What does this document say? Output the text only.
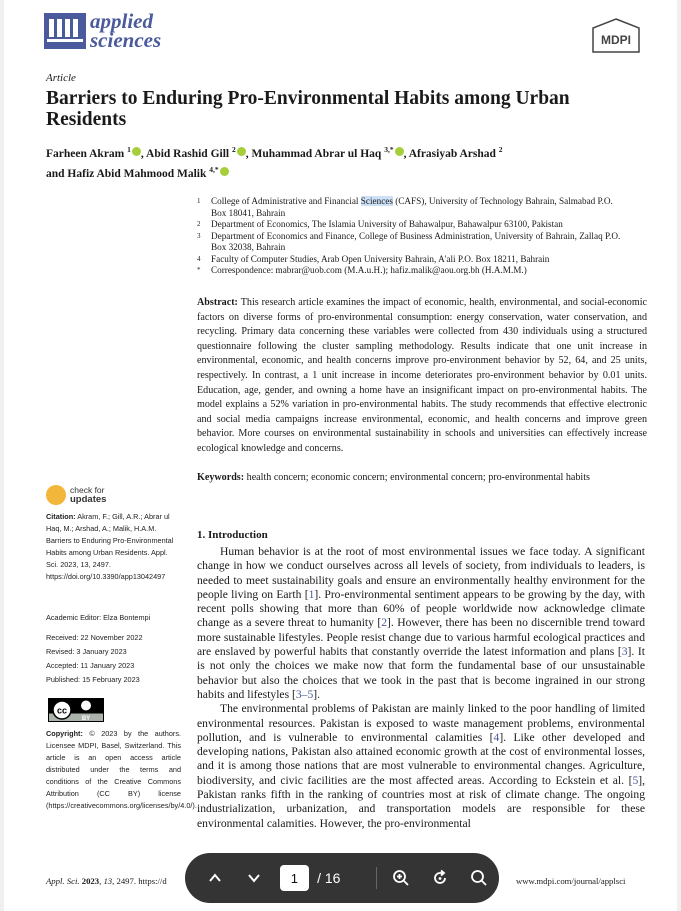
applied
sciences	MDPI
Article
Barriers to Enduring Pro-Environmental Habits among Urban Residents
Farheen Akram $^1$ , Abid Rashid Gill $^2$ , Muhammad Abrar ul Haq $^{3,*}$ , Afrasiyab Arshad $^2$
and Hafiz Abid Mahmood Malik $^{4,*}$
1	College of Administrative and Financial Sciences (CAFS), University of Technology Bahrain, Salmabad P.O. Box 18041, Bahrain
2	Department of Economics, The Islamia University of Bahawalpur, Bahawalpur 63100, Pakistan
3	Department of Economics and Finance, College of Business Administration, University of Bahrain, Zallaq P.O. Box 32038, Bahrain
4	Faculty of Computer Studies, Arab Open University Bahrain, A'ali P.O. Box 18211, Bahrain
*	Correspondence: mabrar@uob.com (M.A.u.H.); hafiz.malik@aou.org.bh (H.A.M.M.)
Abstract: This research article examines the impact of economic, health, environmental, and social-economic factors on diverse forms of pro-environmental consumption: energy conservation, water conservation, and recycling. Primary data concerning these variables were collected from 430 individuals using a structured questionnaire following the cluster sampling methodology. Results indicate that one unit increase in environmental, economic, and health concerns improve pro-environment behavior by 52, 64, and 25 units, respectively. In contrast, a 1 unit increase in income deteriorates pro-environment behavior by 0.01 units. Education, age, gender, and owning a home have an insignificant impact on pro-environmental habits. The model explains a 52% variation in pro-environmental habits. The study recommends that effective electronic and social media campaigns increase environmental, economic, and health concerns and improve green behavior. More courses on environmental sustainability in schools and universities can effectively increase ecological knowledge and concerns.
Keywords: health concern; economic concern; environmental concern; pro-environmental habits
check for
updates
Citation: Akram, F.; Gill, A.R.; Abrar ul Haq, M.; Arshad, A.; Malik, H.A.M. Barriers to Enduring Pro-Environmental Habits among Urban Residents. Appl. Sci. 2023, 13, 2497. https://doi.org/10.3390/app13042497
Academic Editor: Elza Bontempi
Received: 22 November 2022
Revised: 3 January 2023
Accepted: 11 January 2023
Published: 15 February 2023
cc
BY
Copyright: © 2023 by the authors. Licensee MDPI, Basel, Switzerland. This article is an open access article distributed under the terms and conditions of the Creative Commons Attribution (CC BY) license (https://creativecommons.org/licenses/by/4.0/).
1. Introduction

Human behavior is at the root of most environmental issues we face today. A significant change in how we conduct ourselves across all levels of society, from individuals to leaders, is needed to meet sustainability goals and ensure an environmentally healthy environment for the people living on Earth [1]. Pro-environmental sentiment appears to be growing by the day, with recent polls showing that more than 60% of people worldwide now acknowledge climate change as a severe threat to humanity [2]. However, there has been no discernible trend toward more sustainable lifestyles. People resist change due to various harmful ecological practices and are enslaved by powerful habits that constantly override the latest information and plans [3]. It is not only the choices we make now that form the fundamental base of our unsustainable behavior but also the choices that we took in the past that is become ingrained in our strong habits and lifestyles [3–5].

The environmental problems of Pakistan are mainly linked to the poor handling of limited environmental resources. Pakistan is exposed to waste management problems, environmental pollution, and is vulnerable to environmental calamities [4]. Like other developed and developing nations, Pakistan also attained economic growth at the cost of environmental losses, and it is among those nations that are most vulnerable to environmental changes. Agriculture, biodiversity, and civic facilities are the most affected areas. According to Eckstein et al. [5], Pakistan ranks fifth in the ranking of countries most at risk of climate change. The ongoing industrialization, urbanization, and transportation models are responsible for these environmental calamities. However, the pro-environmental

Appl. Sci. 2023, 13, 2497. https://d	www.mdpi.com/journal/applsci
1	/ 16
